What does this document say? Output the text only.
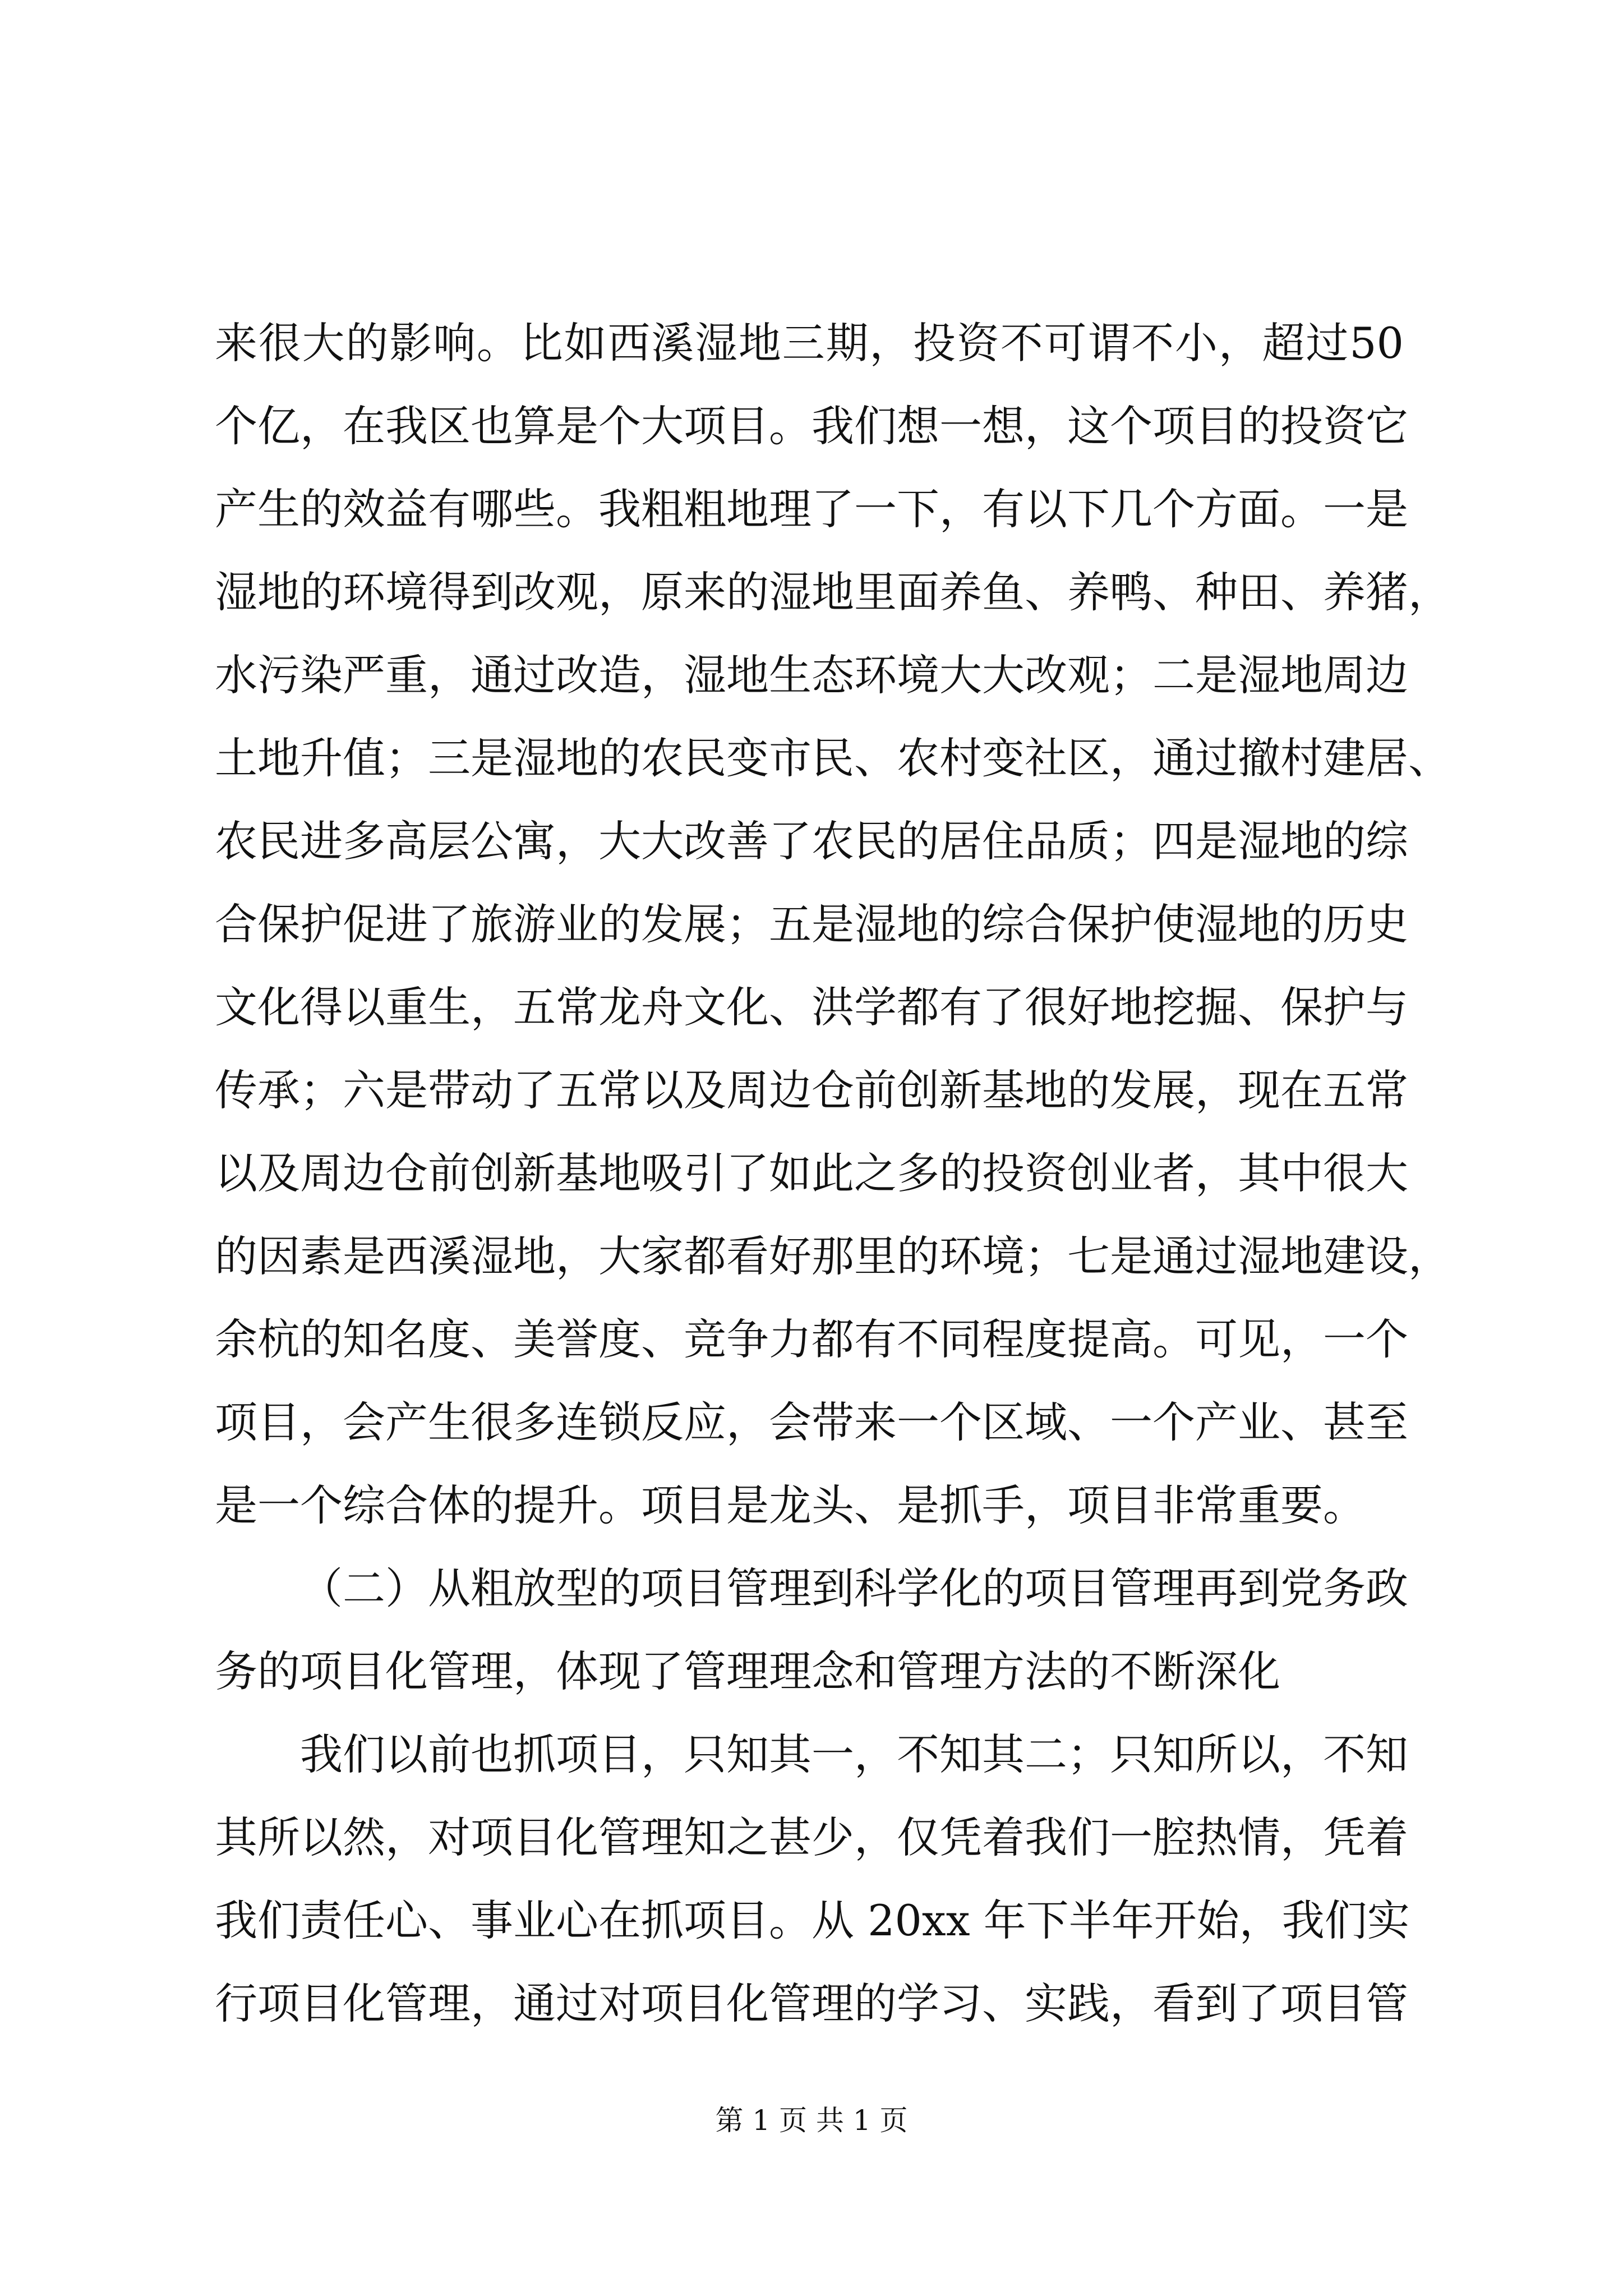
来很大的影响。比如西溪湿地三期，投资不可谓不小，超过50
个亿，在我区也算是个大项目。我们想一想，这个项目的投资它
产生的效益有哪些。我粗粗地理了一下，有以下几个方面。一是
湿地的环境得到改观，原来的湿地里面养鱼、养鸭、种田、养猪，
水污染严重，通过改造，湿地生态环境大大改观；二是湿地周边
土地升值；三是湿地的农民变市民、农村变社区，通过撤村建居、
农民进多高层公寓，大大改善了农民的居住品质；四是湿地的综
合保护促进了旅游业的发展；五是湿地的综合保护使湿地的历史
文化得以重生，五常龙舟文化、洪学都有了很好地挖掘、保护与
传承；六是带动了五常以及周边仓前创新基地的发展，现在五常
以及周边仓前创新基地吸引了如此之多的投资创业者，其中很大
的因素是西溪湿地，大家都看好那里的环境；七是通过湿地建设，
余杭的知名度、美誉度、竞争力都有不同程度提高。可见，一个
项目，会产生很多连锁反应，会带来一个区域、一个产业、甚至
是一个综合体的提升。项目是龙头、是抓手，项目非常重要。
（二）从粗放型的项目管理到科学化的项目管理再到党务政
务的项目化管理，体现了管理理念和管理方法的不断深化
我们以前也抓项目，只知其一，不知其二；只知所以，不知
其所以然，对项目化管理知之甚少，仅凭着我们一腔热情，凭着
我们责任心、事业心在抓项目。从 20xx 年下半年开始，我们实
行项目化管理，通过对项目化管理的学习、实践，看到了项目管
第 1 页 共 1 页
